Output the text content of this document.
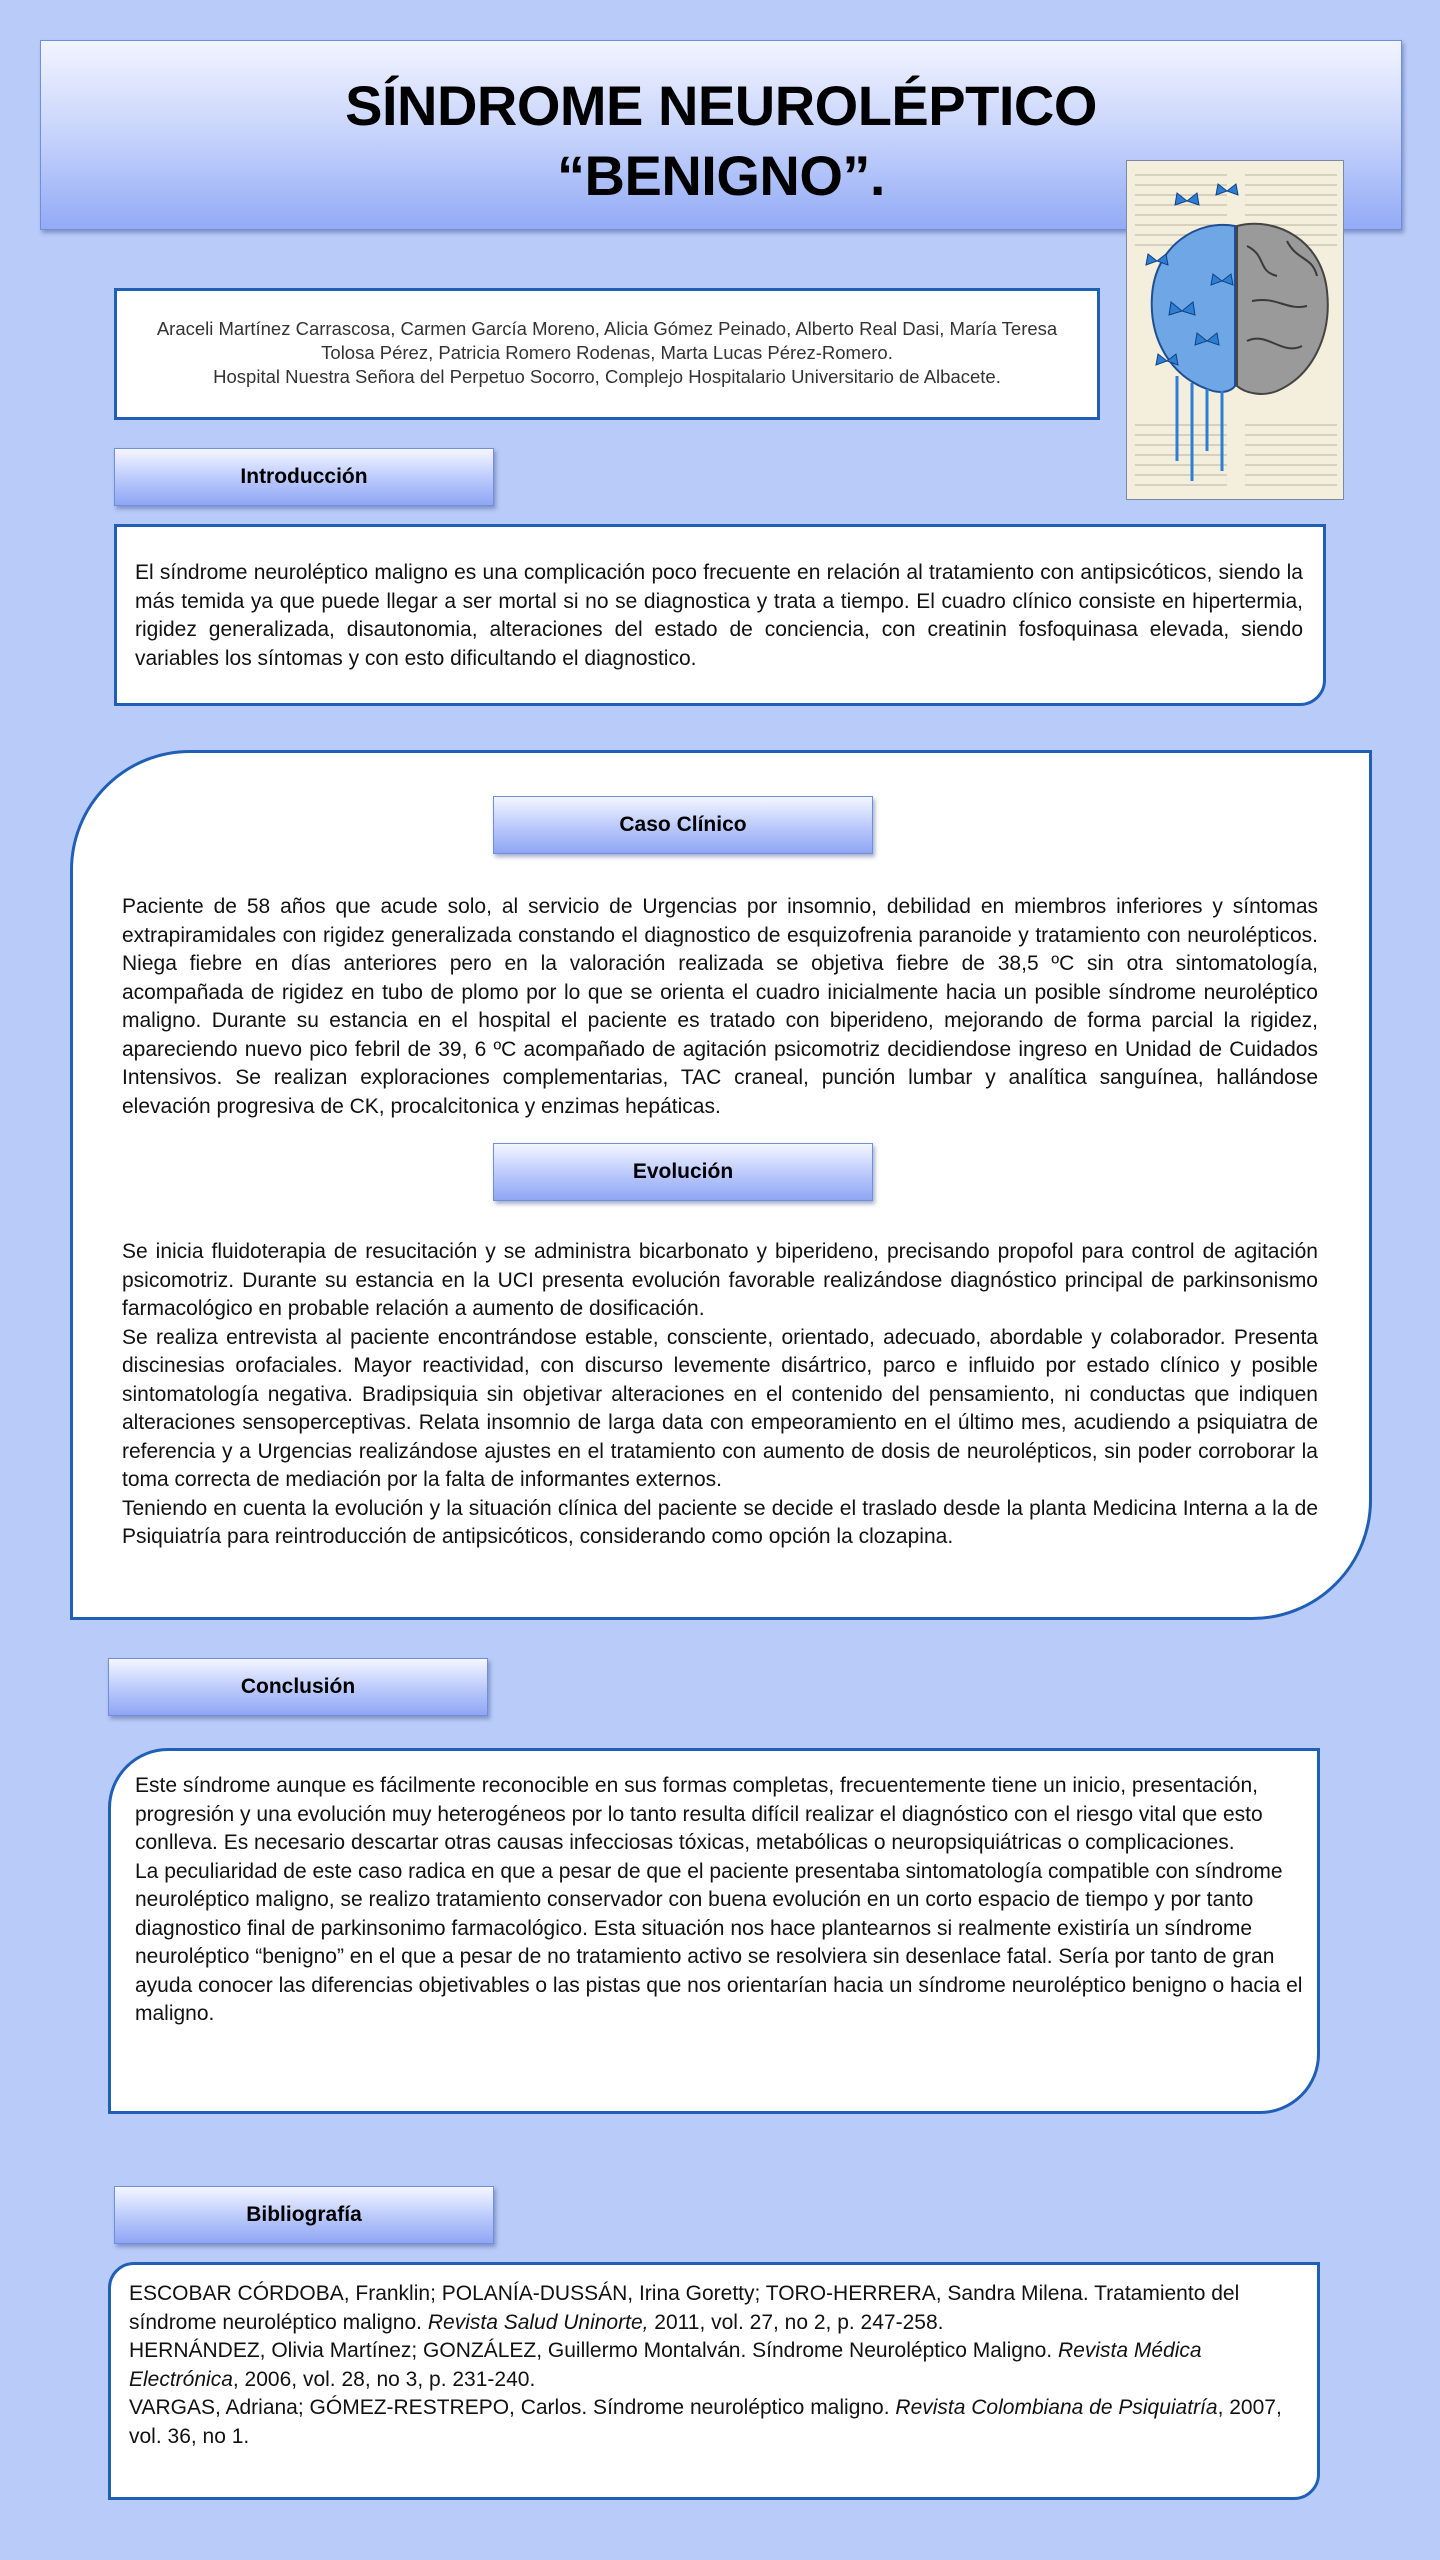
SÍNDROME NEUROLÉPTICO
“BENIGNO”.
Araceli Martínez Carrascosa, Carmen García Moreno, Alicia Gómez Peinado, Alberto Real Dasi, María Teresa
Tolosa Pérez, Patricia Romero Rodenas, Marta Lucas Pérez-Romero.
Hospital Nuestra Señora del Perpetuo Socorro, Complejo Hospitalario Universitario de Albacete.
Introducción
El síndrome neuroléptico maligno es una complicación poco frecuente en relación al tratamiento con antipsicóticos, siendo la más temida ya que puede llegar a ser mortal si no se diagnostica y trata a tiempo. El cuadro clínico consiste en hipertermia, rigidez generalizada, disautonomia, alteraciones del estado de conciencia, con creatinin fosfoquinasa elevada, siendo variables los síntomas y con esto dificultando el diagnostico.
Caso Clínico
Paciente de 58 años que acude solo, al servicio de Urgencias por insomnio, debilidad en miembros inferiores y síntomas extrapiramidales con rigidez generalizada constando el diagnostico de esquizofrenia paranoide y tratamiento con neurolépticos. Niega fiebre en días anteriores pero en la valoración realizada se objetiva fiebre de 38,5 ºC sin otra sintomatología, acompañada de rigidez en tubo de plomo por lo que se orienta el cuadro inicialmente hacia un posible síndrome neuroléptico maligno. Durante su estancia en el hospital el paciente es tratado con biperideno, mejorando de forma parcial la rigidez, apareciendo nuevo pico febril de 39, 6 ºC acompañado de agitación psicomotriz decidiendose ingreso en Unidad de Cuidados Intensivos. Se realizan exploraciones complementarias, TAC craneal, punción lumbar y analítica sanguínea, hallándose elevación progresiva de CK, procalcitonica y enzimas hepáticas.
Evolución

Se inicia fluidoterapia de resucitación y se administra bicarbonato y biperideno, precisando propofol para control de agitación psicomotriz. Durante su estancia en la UCI presenta evolución favorable realizándose diagnóstico principal de parkinsonismo farmacológico en probable relación a aumento de dosificación.

Se realiza entrevista al paciente encontrándose estable, consciente, orientado, adecuado, abordable y colaborador. Presenta discinesias orofaciales. Mayor reactividad, con discurso levemente disártrico, parco e influido por estado clínico y posible sintomatología negativa. Bradipsiquia sin objetivar alteraciones en el contenido del pensamiento, ni conductas que indiquen alteraciones sensoperceptivas. Relata insomnio de larga data con empeoramiento en el último mes, acudiendo a psiquiatra de referencia y a Urgencias realizándose ajustes en el tratamiento con aumento de dosis de neurolépticos, sin poder corroborar la toma correcta de mediación por la falta de informantes externos.

Teniendo en cuenta la evolución y la situación clínica del paciente se decide el traslado desde la planta Medicina Interna a la de Psiquiatría para reintroducción de antipsicóticos, considerando como opción la clozapina.

Conclusión

Este síndrome aunque es fácilmente reconocible en sus formas completas, frecuentemente tiene un inicio, presentación, progresión y una evolución muy heterogéneos por lo tanto resulta difícil realizar el diagnóstico con el riesgo vital que esto conlleva. Es necesario descartar otras causas infecciosas tóxicas, metabólicas o neuropsiquiátricas o complicaciones.

La peculiaridad de este caso radica en que a pesar de que el paciente presentaba sintomatología compatible con síndrome neuroléptico maligno, se realizo tratamiento conservador con buena evolución en un corto espacio de tiempo y por tanto diagnostico final de parkinsonimo farmacológico. Esta situación nos hace plantearnos si realmente existiría un síndrome neuroléptico “benigno” en el que a pesar de no tratamiento activo se resolviera sin desenlace fatal. Sería por tanto de gran ayuda conocer las diferencias objetivables o las pistas que nos orientarían hacia un síndrome neuroléptico benigno o hacia el maligno.

Bibliografía

ESCOBAR CÓRDOBA, Franklin; POLANÍA-DUSSÁN, Irina Goretty; TORO-HERRERA, Sandra Milena. Tratamiento del síndrome neuroléptico maligno. Revista Salud Uninorte, 2011, vol. 27, no 2, p. 247-258.

HERNÁNDEZ, Olivia Martínez; GONZÁLEZ, Guillermo Montalván. Síndrome Neuroléptico Maligno. Revista Médica Electrónica, 2006, vol. 28, no 3, p. 231-240.

VARGAS, Adriana; GÓMEZ-RESTREPO, Carlos. Síndrome neuroléptico maligno. Revista Colombiana de Psiquiatría, 2007, vol. 36, no 1.
